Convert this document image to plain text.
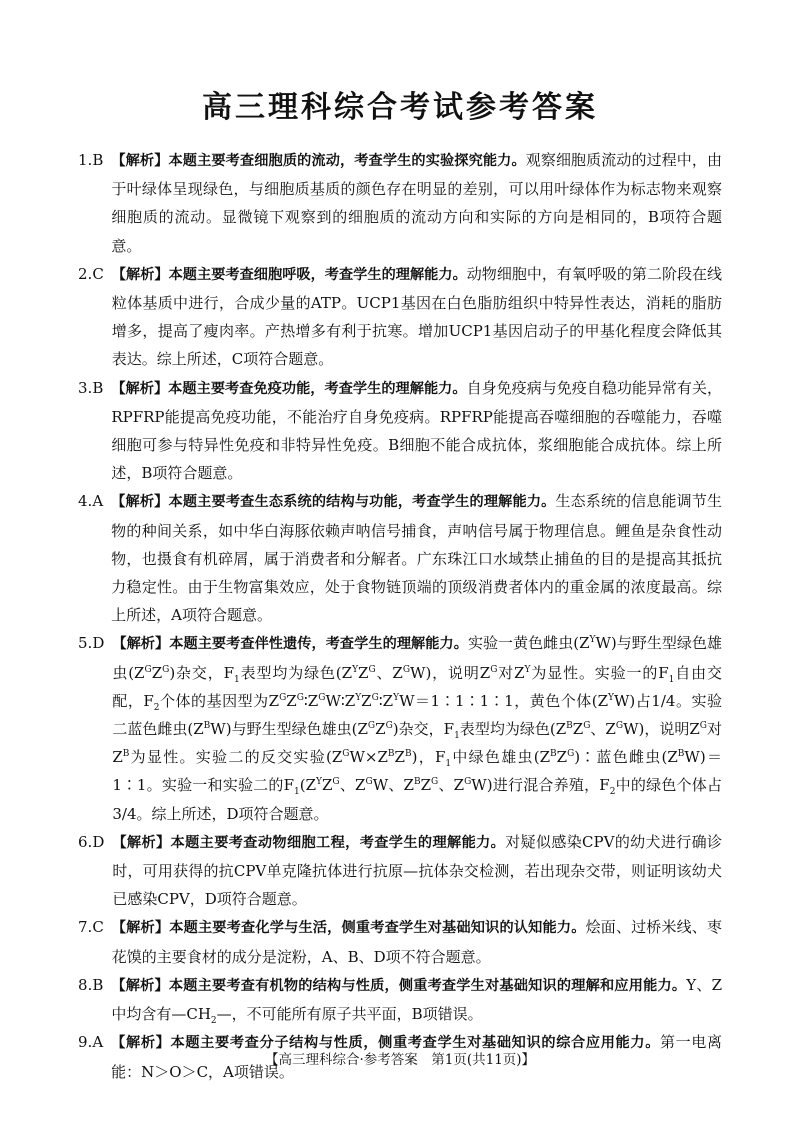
高三理科综合考试参考答案
1.B 【解析】本题主要考查细胞质的流动，考查学生的实验探究能力。观察细胞质流动的过程中，由于叶绿体呈现绿色，与细胞质基质的颜色存在明显的差别，可以用叶绿体作为标志物来观察细胞质的流动。显微镜下观察到的细胞质的流动方向和实际的方向是相同的，B项符合题意。
2.C 【解析】本题主要考查细胞呼吸，考查学生的理解能力。动物细胞中，有氧呼吸的第二阶段在线粒体基质中进行，合成少量的ATP。UCP1基因在白色脂肪组织中特异性表达，消耗的脂肪增多，提高了瘦肉率。产热增多有利于抗寒。增加UCP1基因启动子的甲基化程度会降低其表达。综上所述，C项符合题意。
3.B 【解析】本题主要考查免疫功能，考查学生的理解能力。自身免疫病与免疫自稳功能异常有关，RPFRP能提高免疫功能，不能治疗自身免疫病。RPFRP能提高吞噬细胞的吞噬能力，吞噬细胞可参与特异性免疫和非特异性免疫。B细胞不能合成抗体，浆细胞能合成抗体。综上所述，B项符合题意。
4.A 【解析】本题主要考查生态系统的结构与功能，考查学生的理解能力。生态系统的信息能调节生物的种间关系，如中华白海豚依赖声呐信号捕食，声呐信号属于物理信息。鲤鱼是杂食性动物，也摄食有机碎屑，属于消费者和分解者。广东珠江口水域禁止捕鱼的目的是提高其抵抗力稳定性。由于生物富集效应，处于食物链顶端的顶级消费者体内的重金属的浓度最高。综上所述，A项符合题意。
5.D 【解析】本题主要考查伴性遗传，考查学生的理解能力。实验一黄色雌虫$(Z^YW)$与野生型绿色雄虫$(Z^GZ^G)$杂交，$F_1$表型均为绿色($Z^YZ^G$、$Z^GW$)，说明$Z^G$对$Z^Y$为显性。实验一的$F_1$自由交配，$F_2$个体的基因型为$Z^GZ^G∶Z^GW∶Z^YZ^G∶Z^YW=1∶1∶1∶1$，黄色个体$(Z^YW)$占1/4。实验二蓝色雌虫$(Z^BW)$与野生型绿色雄虫$(Z^GZ^G)$杂交，$F_1$表型均为绿色($Z^BZ^G$、$Z^GW$)，说明$Z^G$对$Z^B$为显性。实验二的反交实验$(Z^GW\times Z^BZ^B)$，$F_1$中绿色雄虫$(Z^BZ^G)∶$蓝色雌虫$(Z^BW)=1∶1$。实验一和实验二的$F_1(Z^YZ^G$、$Z^GW$、$Z^BZ^G$、$Z^GW$)进行混合养殖，$F_2$中的绿色个体占3/4。综上所述，D项符合题意。
6.D 【解析】本题主要考查动物细胞工程，考查学生的理解能力。对疑似感染CPV的幼犬进行确诊时，可用获得的抗CPV单克隆抗体进行抗原—抗体杂交检测，若出现杂交带，则证明该幼犬已感染CPV，D项符合题意。
7.C 【解析】本题主要考查化学与生活，侧重考查学生对基础知识的认知能力。烩面、过桥米线、枣花馍的主要食材的成分是淀粉，A、B、D项不符合题意。
8.B 【解析】本题主要考查有机物的结构与性质，侧重考查学生对基础知识的理解和应用能力。Y、Z中均含有$—CH_2—$，不可能所有原子共平面，B项错误。
9.A 【解析】本题主要考查分子结构与性质，侧重考查学生对基础知识的综合应用能力。第一电离能：N＞O＞C，A项错误。
【高三理科综合·参考答案　第1页(共11页)】
